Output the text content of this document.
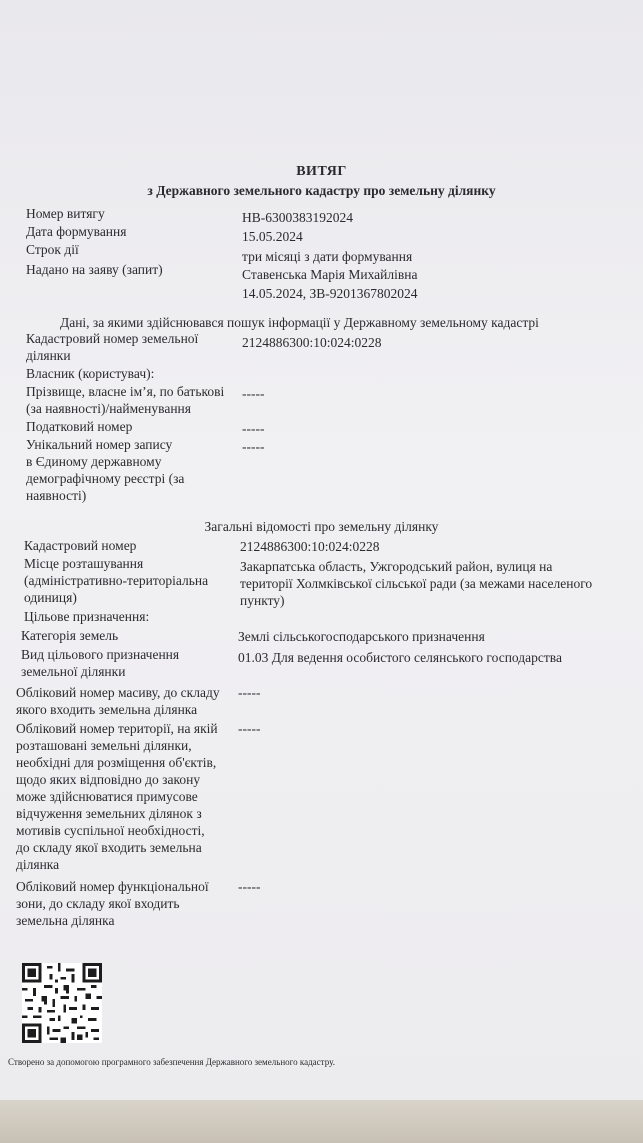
ВИТЯГ
з Державного земельного кадастру про земельну ділянку
Номер витягу	НВ-6300383192024
Дата формування	15.05.2024
Строк дії	три місяці з дати формування
Надано на заяву (запит)	Ставенська Марія Михайлівна
14.05.2024, ЗВ-9201367802024
Дані, за якими здійснювався пошук інформації у Державному земельному кадастрі
Кадастровий номер земельної
ділянки
2124886300:10:024:0228
Власник (користувач):
Прізвище, власне ім’я, по батькові
(за наявності)/найменування
-----
Податковий номер	-----
Унікальний номер запису
в Єдиному державному
демографічному реєстрі (за
наявності)
-----
Загальні відомості про земельну ділянку
Кадастровий номер	2124886300:10:024:0228
Місце розташування
(адміністративно-територіальна
одиниця)
Закарпатська область, Ужгородський район, вулиця на
території Холмківської сільської ради (за межами населеного
пункту)
Цільове призначення:
Категорія земель	Землі сільськогосподарського призначення
Вид цільового призначення
земельної ділянки
01.03 Для ведення особистого селянського господарства
Обліковий номер масиву, до складу
якого входить земельна ділянка
-----
Обліковий номер території, на якій
розташовані земельні ділянки,
необхідні для розміщення об'єктів,
щодо яких відповідно до закону
може здійснюватися примусове
відчуження земельних ділянок з
мотивів суспільної необхідності,
до складу якої входить земельна
ділянка
-----
Обліковий номер функціональної
зони, до складу якої входить
земельна ділянка
-----
Створено за допомогою програмного забезпечення Державного земельного кадастру.
